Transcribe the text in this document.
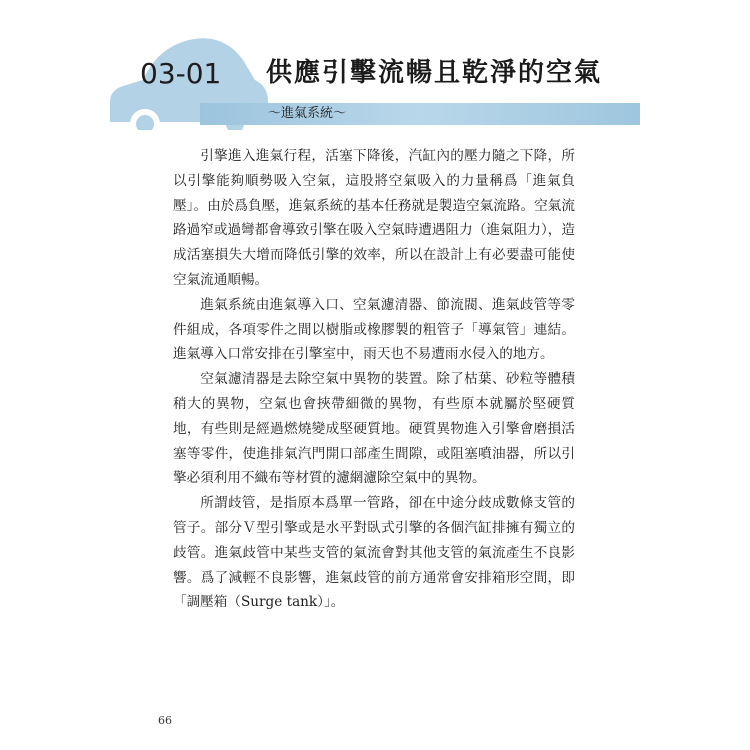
03-01	供應引擊流暢且乾淨的空氣
～進氣系統～

引擎進入進氣行程，活塞下降後，汽缸內的壓力隨之下降，所以引擎能夠順勢吸入空氣，這股將空氣吸入的力量稱爲「進氣負壓」。由於爲負壓，進氣系統的基本任務就是製造空氣流路。空氣流路過窄或過彎都會導致引擎在吸入空氣時遭遇阻力（進氣阻力），造成活塞損失大增而降低引擎的效率，所以在設計上有必要盡可能使空氣流通順暢。

進氣系統由進氣導入口、空氣濾清器、節流閥、進氣歧管等零件組成，各項零件之間以樹脂或橡膠製的粗管子「導氣管」連結。進氣導入口常安排在引擎室中，雨天也不易遭雨水侵入的地方。

空氣濾清器是去除空氣中異物的裝置。除了枯葉、砂粒等體積稍大的異物，空氣也會挾帶細微的異物，有些原本就屬於堅硬質地，有些則是經過燃燒變成堅硬質地。硬質異物進入引擎會磨損活塞等零件，使進排氣汽門開口部產生間隙，或阻塞噴油器，所以引擎必須利用不織布等材質的濾網濾除空氣中的異物。

所謂歧管，是指原本爲單一管路，卻在中途分歧成數條支管的管子。部分Ｖ型引擎或是水平對臥式引擎的各個汽缸排擁有獨立的歧管。進氣歧管中某些支管的氣流會對其他支管的氣流產生不良影響。爲了減輕不良影響，進氣歧管的前方通常會安排箱形空間，即「調壓箱（Surge tank）」。

66
